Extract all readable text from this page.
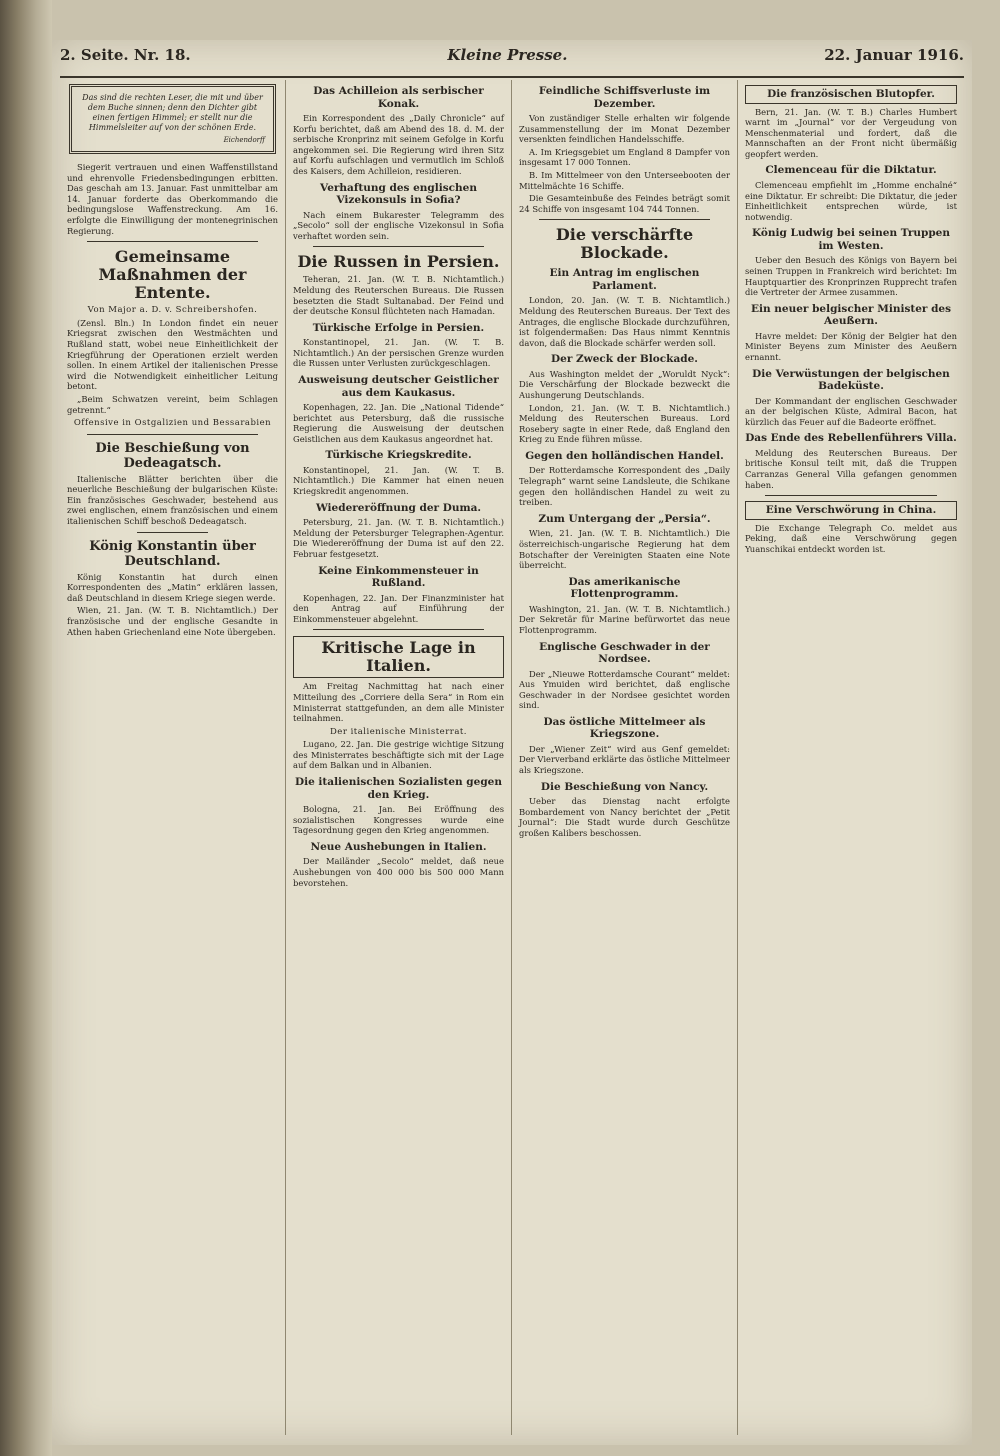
2. Seite. Nr. 18.	Kleine Presse.	22. Januar 1916.
Das sind die rechten Leser, die mit und über dem Buche sinnen; denn den Dichter gibt einen fertigen Himmel; er stellt nur die Himmelsleiter auf von der schönen Erde.
Eichendorff

Siegerit vertrauen und einen Waffenstillstand und ehrenvolle Friedensbedingungen erbitten. Das geschah am 13. Januar. Fast unmittelbar am 14. Januar forderte das Oberkommando die bedingungslose Waffenstreckung. Am 16. erfolgte die Einwilligung der montenegrinischen Regierung.

Gemeinsame Maßnahmen der Entente.
Von Major a. D. v. Schreibershofen.

(Zensl. Bln.) In London findet ein neuer Kriegsrat zwischen den Westmächten und Rußland statt, wobei neue Einheitlichkeit der Kriegführung der Operationen erzielt werden sollen. In einem Artikel der italienischen Presse wird die Notwendigkeit einheitlicher Leitung betont.

„Beim Schwatzen vereint, beim Schlagen getrennt.“

Offensive in Ostgalizien und Bessarabien
Die Beschießung von Dedeagatsch.

Italienische Blätter berichten über die neuerliche Beschießung der bulgarischen Küste: Ein französisches Geschwader, bestehend aus zwei englischen, einem französischen und einem italienischen Schiff beschoß Dedeagatsch.

König Konstantin über Deutschland.

König Konstantin hat durch einen Korrespondenten des „Matin“ erklären lassen, daß Deutschland in diesem Kriege siegen werde.

Wien, 21. Jan. (W. T. B. Nichtamtlich.) Der französische und der englische Gesandte in Athen haben Griechenland eine Note übergeben.

Das Achilleion als serbischer Konak.

Ein Korrespondent des „Daily Chronicle“ auf Korfu berichtet, daß am Abend des 18. d. M. der serbische Kronprinz mit seinem Gefolge in Korfu angekommen sei. Die Regierung wird ihren Sitz auf Korfu aufschlagen und vermutlich im Schloß des Kaisers, dem Achilleion, residieren.

Verhaftung des englischen Vizekonsuls in Sofia?

Nach einem Bukarester Telegramm des „Secolo“ soll der englische Vizekonsul in Sofia verhaftet worden sein.

Die Russen in Persien.

Teheran, 21. Jan. (W. T. B. Nichtamtlich.) Meldung des Reuterschen Bureaus. Die Russen besetzten die Stadt Sultanabad. Der Feind und der deutsche Konsul flüchteten nach Hamadan.

Türkische Erfolge in Persien.

Konstantinopel, 21. Jan. (W. T. B. Nichtamtlich.) An der persischen Grenze wurden die Russen unter Verlusten zurückgeschlagen.

Ausweisung deutscher Geistlicher aus dem Kaukasus.

Kopenhagen, 22. Jan. Die „National Tidende“ berichtet aus Petersburg, daß die russische Regierung die Ausweisung der deutschen Geistlichen aus dem Kaukasus angeordnet hat.

Türkische Kriegskredite.

Konstantinopel, 21. Jan. (W. T. B. Nichtamtlich.) Die Kammer hat einen neuen Kriegskredit angenommen.

Wiedereröffnung der Duma.

Petersburg, 21. Jan. (W. T. B. Nichtamtlich.) Meldung der Petersburger Telegraphen-Agentur. Die Wiedereröffnung der Duma ist auf den 22. Februar festgesetzt.

Keine Einkommensteuer in Rußland.

Kopenhagen, 22. Jan. Der Finanzminister hat den Antrag auf Einführung der Einkommensteuer abgelehnt.

Kritische Lage in Italien.

Am Freitag Nachmittag hat nach einer Mitteilung des „Corriere della Sera“ in Rom ein Ministerrat stattgefunden, an dem alle Minister teilnahmen.

Der italienische Ministerrat.

Lugano, 22. Jan. Die gestrige wichtige Sitzung des Ministerrates beschäftigte sich mit der Lage auf dem Balkan und in Albanien.

Die italienischen Sozialisten gegen den Krieg.

Bologna, 21. Jan. Bei Eröffnung des sozialistischen Kongresses wurde eine Tagesordnung gegen den Krieg angenommen.

Neue Aushebungen in Italien.

Der Mailänder „Secolo“ meldet, daß neue Aushebungen von 400 000 bis 500 000 Mann bevorstehen.

Feindliche Schiffsverluste im Dezember.

Von zuständiger Stelle erhalten wir folgende Zusammenstellung der im Monat Dezember versenkten feindlichen Handelsschiffe.

A. Im Kriegsgebiet um England 8 Dampfer von insgesamt 17 000 Tonnen.

B. Im Mittelmeer von den Unterseebooten der Mittelmächte 16 Schiffe.

Die Gesamteinbuße des Feindes beträgt somit 24 Schiffe von insgesamt 104 744 Tonnen.

Die verschärfte Blockade.
Ein Antrag im englischen Parlament.

London, 20. Jan. (W. T. B. Nichtamtlich.) Meldung des Reuterschen Bureaus. Der Text des Antrages, die englische Blockade durchzuführen, ist folgendermaßen: Das Haus nimmt Kenntnis davon, daß die Blockade schärfer werden soll.

Der Zweck der Blockade.

Aus Washington meldet der „Woruldt Nyck“: Die Verschärfung der Blockade bezweckt die Aushungerung Deutschlands.

London, 21. Jan. (W. T. B. Nichtamtlich.) Meldung des Reuterschen Bureaus. Lord Rosebery sagte in einer Rede, daß England den Krieg zu Ende führen müsse.

Gegen den holländischen Handel.

Der Rotterdamsche Korrespondent des „Daily Telegraph“ warnt seine Landsleute, die Schikane gegen den holländischen Handel zu weit zu treiben.

Zum Untergang der „Persia“.

Wien, 21. Jan. (W. T. B. Nichtamtlich.) Die österreichisch-ungarische Regierung hat dem Botschafter der Vereinigten Staaten eine Note überreicht.

Das amerikanische Flottenprogramm.

Washington, 21. Jan. (W. T. B. Nichtamtlich.) Der Sekretär für Marine befürwortet das neue Flottenprogramm.

Englische Geschwader in der Nordsee.

Der „Nieuwe Rotterdamsche Courant“ meldet: Aus Ymuiden wird berichtet, daß englische Geschwader in der Nordsee gesichtet worden sind.

Das östliche Mittelmeer als Kriegszone.

Der „Wiener Zeit“ wird aus Genf gemeldet: Der Vierverband erklärte das östliche Mittelmeer als Kriegszone.

Die Beschießung von Nancy.

Ueber das Dienstag nacht erfolgte Bombardement von Nancy berichtet der „Petit Journal“: Die Stadt wurde durch Geschütze großen Kalibers beschossen.

Die französischen Blutopfer.

Bern, 21. Jan. (W. T. B.) Charles Humbert warnt im „Journal“ vor der Vergeudung von Menschenmaterial und fordert, daß die Mannschaften an der Front nicht übermäßig geopfert werden.

Clemenceau für die Diktatur.

Clemenceau empfiehlt im „Homme enchaîné“ eine Diktatur. Er schreibt: Die Diktatur, die jeder Einheitlichkeit entsprechen würde, ist notwendig.

König Ludwig bei seinen Truppen im Westen.

Ueber den Besuch des Königs von Bayern bei seinen Truppen in Frankreich wird berichtet: Im Hauptquartier des Kronprinzen Rupprecht trafen die Vertreter der Armee zusammen.

Ein neuer belgischer Minister des Aeußern.

Havre meldet: Der König der Belgier hat den Minister Beyens zum Minister des Aeußern ernannt.

Die Verwüstungen der belgischen Badeküste.

Der Kommandant der englischen Geschwader an der belgischen Küste, Admiral Bacon, hat kürzlich das Feuer auf die Badeorte eröffnet.

Das Ende des Rebellenführers Villa.

Meldung des Reuterschen Bureaus. Der britische Konsul teilt mit, daß die Truppen Carranzas General Villa gefangen genommen haben.

Eine Verschwörung in China.

Die Exchange Telegraph Co. meldet aus Peking, daß eine Verschwörung gegen Yuanschikai entdeckt worden ist.
